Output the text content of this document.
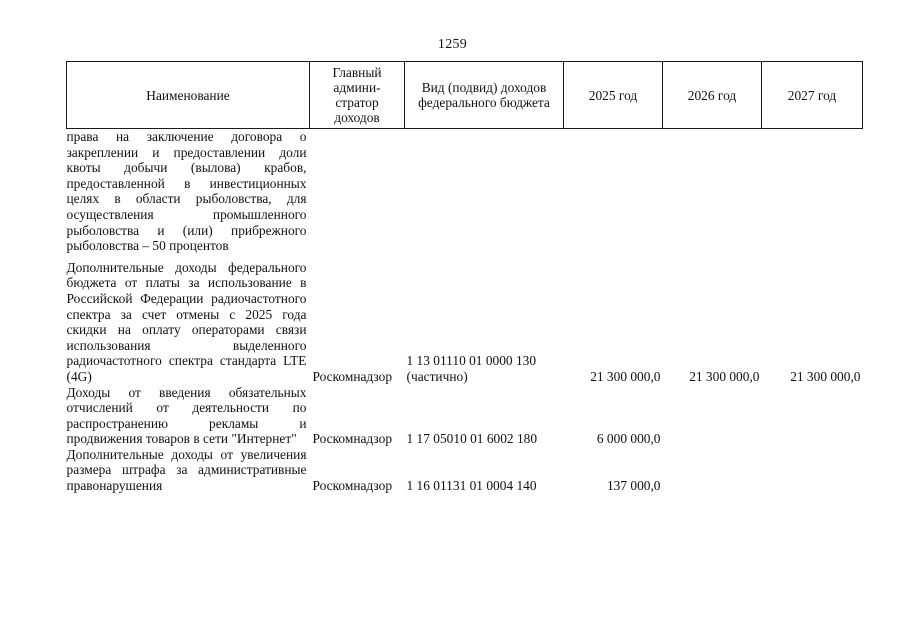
1259
Наименование	Главный админи-стратор доходов	Вид (подвид) доходов федерального бюджета	2025 год	2026 год	2027 год
права на заключение договора о закреплении и предоставлении доли квоты добычи (вылова) крабов, предоставленной в инвестиционных целях в области рыболовства, для осуществления промышленного рыболовства и (или) прибрежного рыболовства – 50 процентов					
Дополнительные доходы федерального бюджета от платы за использование в Российской Федерации радиочастотного спектра за счет отмены с 2025 года скидки на оплату операторами связи использования выделенного радиочастотного спектра стандарта LTE (4G)	Роскомнадзор	1 13 01110 01 0000 130 (частично)	21 300 000,0	21 300 000,0	21 300 000,0
Доходы от введения обязательных отчислений от деятельности по распространению рекламы и продвижения товаров в сети "Интернет"	Роскомнадзор	1 17 05010 01 6002 180	6 000 000,0		
Дополнительные доходы от увеличения размера штрафа за административные правонарушения	Роскомнадзор	1 16 01131 01 0004 140	137 000,0		
